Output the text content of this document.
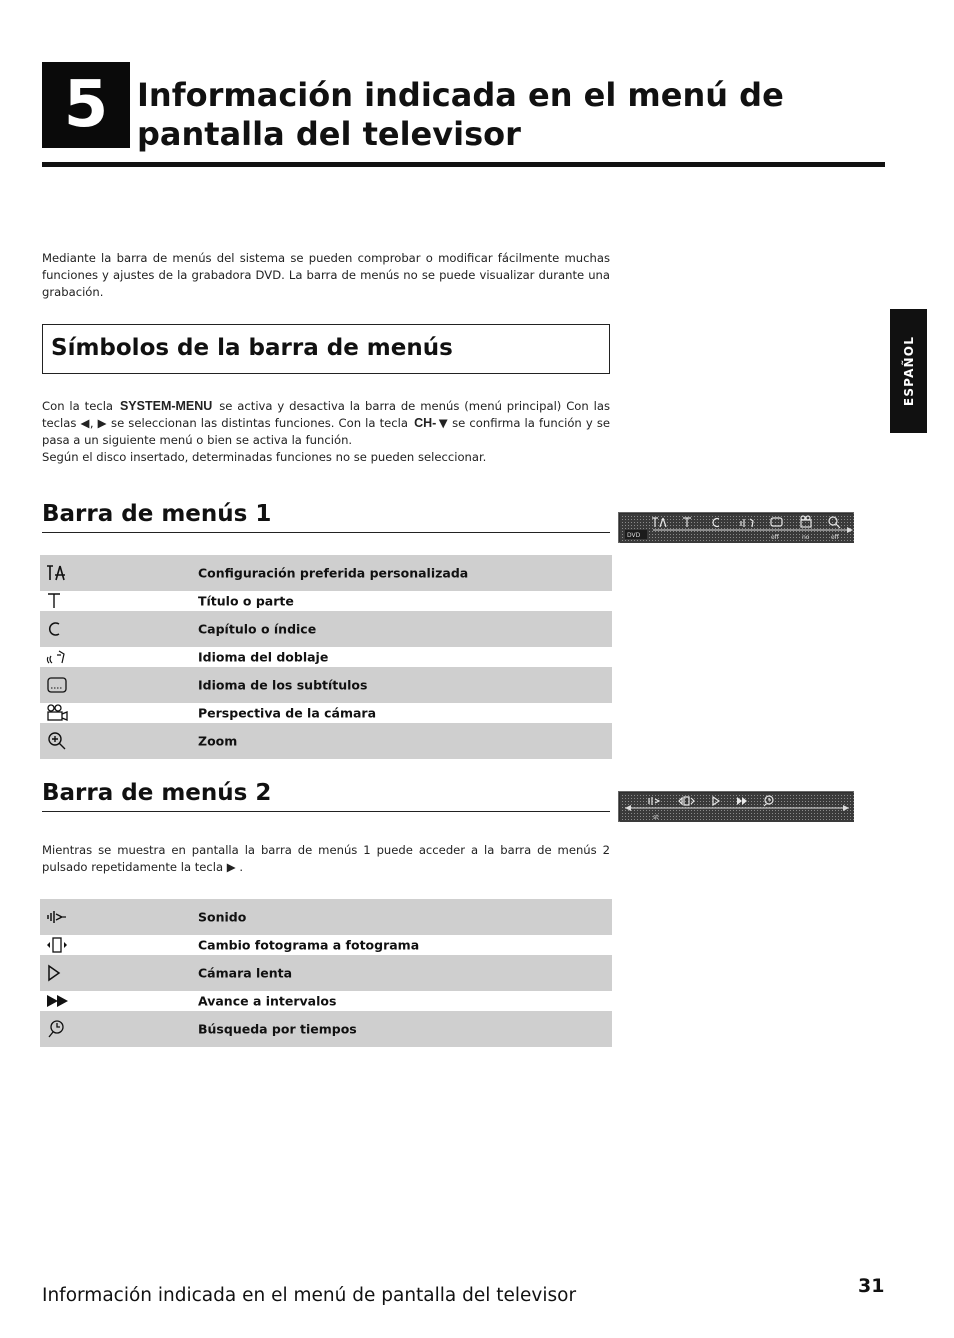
5 Información indicada en el menú de pantalla del televisor
ESPAÑOL
Mediante la barra de menús del sistema se pueden comprobar o modificar fácilmente muchas funciones y ajustes de la grabadora DVD. La barra de menús no se puede visualizar durante una grabación.
Símbolos de la barra de menús
Con la tecla SYSTEM-MENU se activa y desactiva la barra de menús (menú principal) Con las teclas ◀, ▶ se seleccionan las distintas funciones. Con la tecla CH- ▼ se confirma la función y se pasa a un siguiente menú o bien se activa la función.
Según el disco insertado, determinadas funciones no se pueden seleccionar.
Barra de menús 1
DVD	off	no	off
Configuración preferida personalizada
Título o parte
Capítulo o índice
Idioma del doblaje
Idioma de los subtítulos
Perspectiva de la cámara
Zoom
Barra de menús 2
st
Mientras se muestra en pantalla la barra de menús 1 puede acceder a la barra de menús 2 pulsado repetidamente la tecla ▶ .
Sonido
Cambio fotograma a fotograma
Cámara lenta
Avance a intervalos
Búsqueda por tiempos
Información indicada en el menú de pantalla del televisor	31
